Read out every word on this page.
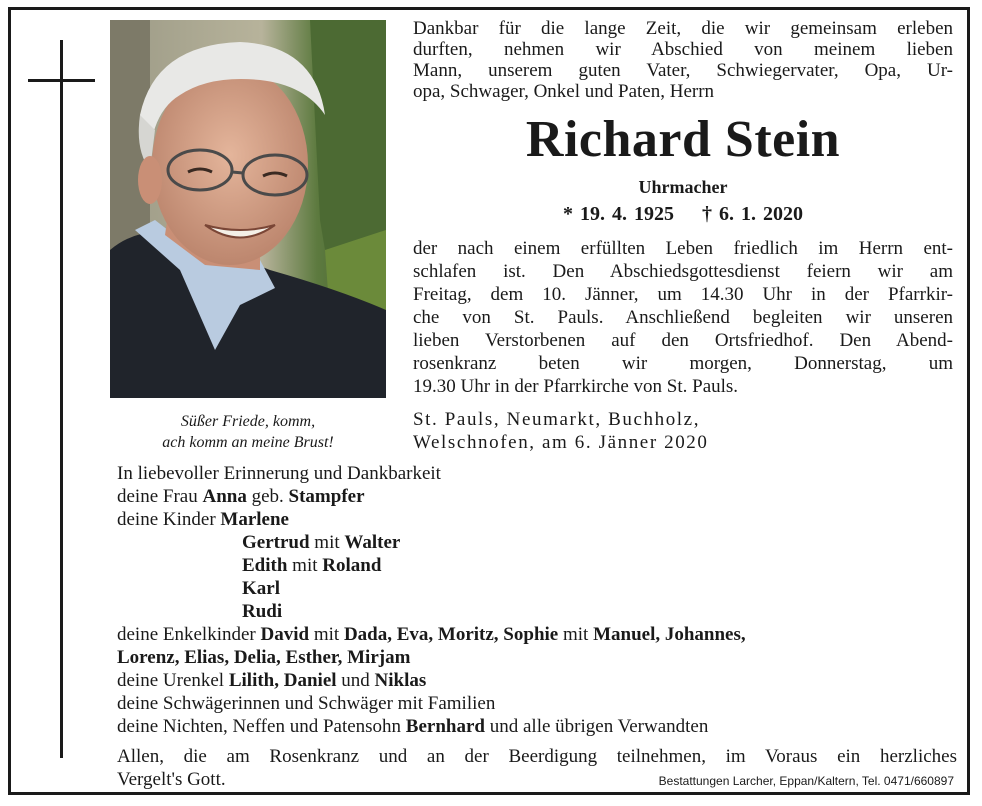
Süßer Friede, komm,
ach komm an meine Brust!
Dankbar für die lange Zeit, die wir gemeinsam erleben
durften, nehmen wir Abschied von meinem lieben
Mann, unserem guten Vater, Schwiegervater, Opa, Ur-
opa, Schwager, Onkel und Paten, Herrn
Richard Stein
Uhrmacher
* 19. 4. 1925 † 6. 1. 2020
der nach einem erfüllten Leben friedlich im Herrn ent-
schlafen ist. Den Abschiedsgottesdienst feiern wir am
Freitag, dem 10. Jänner, um 14.30 Uhr in der Pfarrkir-
che von St. Pauls. Anschließend begleiten wir unseren
lieben Verstorbenen auf den Ortsfriedhof. Den Abend-
rosenkranz beten wir morgen, Donnerstag, um
19.30 Uhr in der Pfarrkirche von St. Pauls.
St. Pauls, Neumarkt, Buchholz,
Welschnofen, am 6. Jänner 2020
In liebevoller Erinnerung und Dankbarkeit
deine Frau Anna geb. Stampfer
deine Kinder Marlene
Gertrud mit Walter
Edith mit Roland
Karl
Rudi
deine Enkelkinder David mit Dada, Eva, Moritz, Sophie mit Manuel, Johannes,
Lorenz, Elias, Delia, Esther, Mirjam
deine Urenkel Lilith, Daniel und Niklas
deine Schwägerinnen und Schwäger mit Familien
deine Nichten, Neffen und Patensohn Bernhard und alle übrigen Verwandten
Allen, die am Rosenkranz und an der Beerdigung teilnehmen, im Voraus ein herzliches
Vergelt's Gott.	Bestattungen Larcher, Eppan/Kaltern, Tel. 0471/660897
